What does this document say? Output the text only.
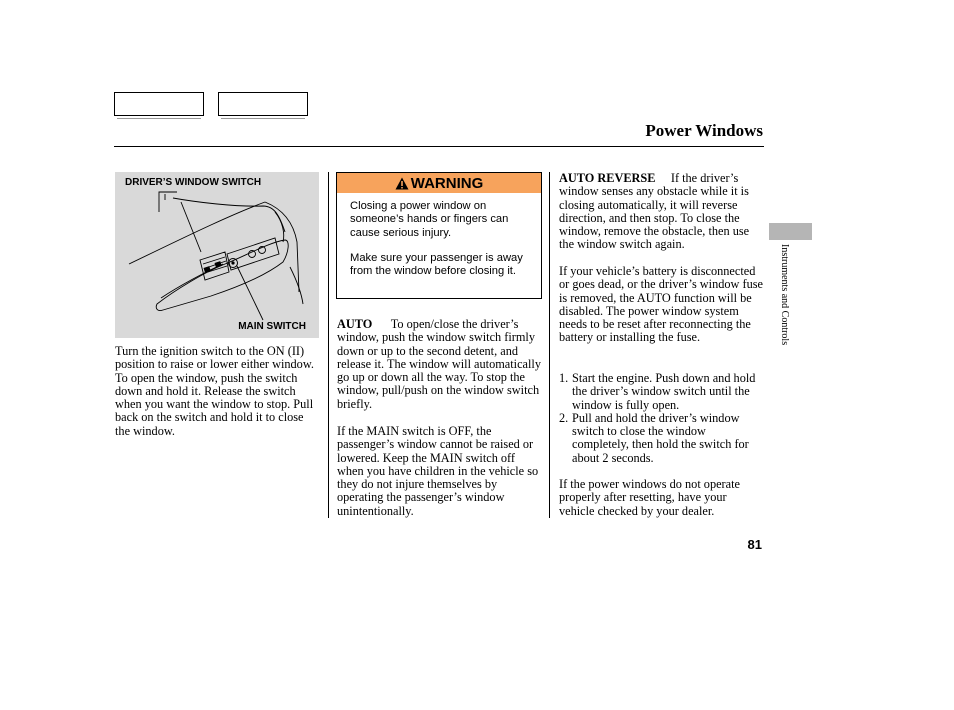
Power Windows
DRIVER’S WINDOW SWITCH
MAIN SWITCH

Turn the ignition switch to the ON (II) position to raise or lower either window. To open the window, push the switch down and hold it. Release the switch when you want the window to stop. Pull back on the switch and hold it to close the window.

WARNING

Closing a power window on someone’s hands or fingers can cause serious injury.

Make sure your passenger is away from the window before closing it.

AUTO To open/close the driver’s window, push the window switch firmly down or up to the second detent, and release it. The window will automatically go up or down all the way. To stop the window, pull/push on the window switch briefly.

If the MAIN switch is OFF, the passenger’s window cannot be raised or lowered. Keep the MAIN switch off when you have children in the vehicle so they do not injure themselves by operating the passenger’s window unintentionally.

AUTO REVERSE If the driver’s window senses any obstacle while it is closing automatically, it will reverse direction, and then stop. To close the window, remove the obstacle, then use the window switch again.

If your vehicle’s battery is disconnected or goes dead, or the driver’s window fuse is removed, the AUTO function will be disabled. The power window system needs to be reset after reconnecting the battery or installing the fuse.

1. Start the engine. Push down and hold the driver’s window switch until the window is fully open.
2. Pull and hold the driver’s window switch to close the window completely, then hold the switch for about 2 seconds.

If the power windows do not operate properly after resetting, have your vehicle checked by your dealer.

Instruments and Controls
81
